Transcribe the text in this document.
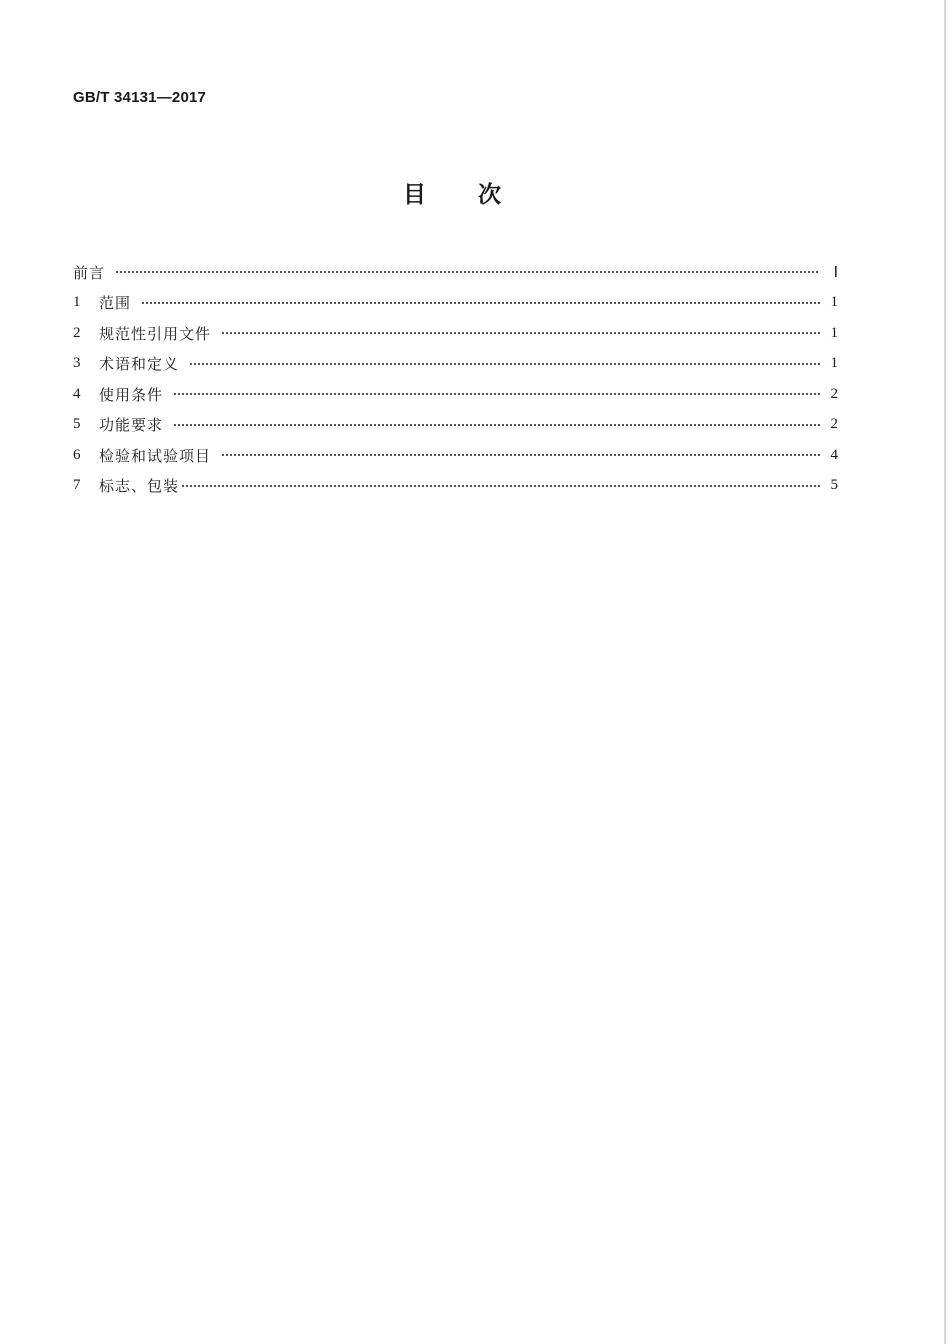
GB/T 34131—2017
目次
前言	Ⅰ
1	范围	1
2	规范性引用文件	1
3	术语和定义	1
4	使用条件	2
5	功能要求	2
6	检验和试验项目	4
7	标志、包装	5
